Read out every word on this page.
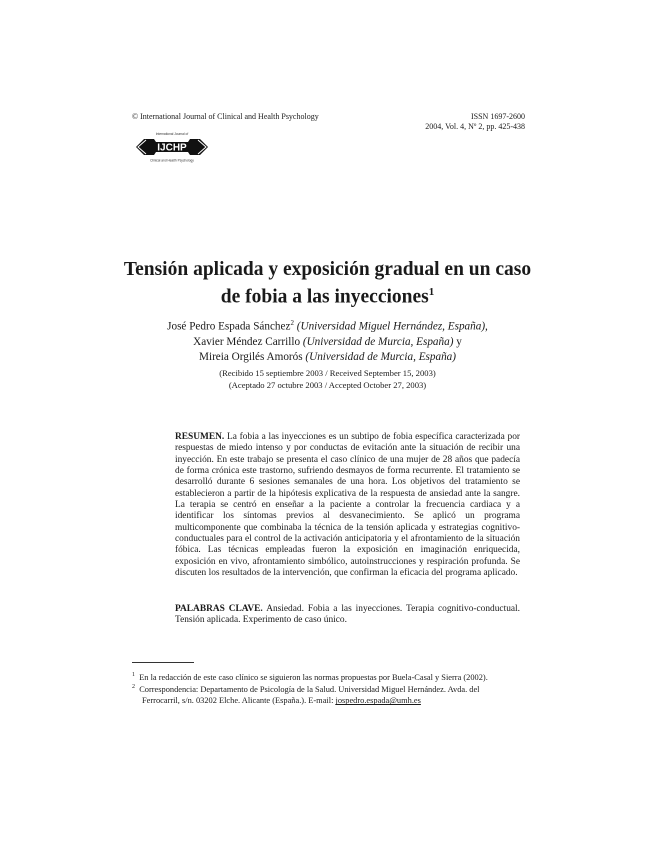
© International Journal of Clinical and Health Psychology	ISSN 1697-2600
2004, Vol. 4, Nº 2, pp. 425-438
IJCHP
International Journal of
Clinical and Health Psychology
Tensión aplicada y exposición gradual en un caso
de fobia a las inyecciones$^1$
José Pedro Espada Sánchez$^2$ (Universidad Miguel Hernández, España),
Xavier Méndez Carrillo (Universidad de Murcia, España) y
Mireia Orgilés Amorós (Universidad de Murcia, España)
(Recibido 15 septiembre 2003 / Received September 15, 2003)
(Aceptado 27 octubre 2003 / Accepted October 27, 2003)
RESUMEN. La fobia a las inyecciones es un subtipo de fobia específica caracterizada por respuestas de miedo intenso y por conductas de evitación ante la situación de recibir una inyección. En este trabajo se presenta el caso clínico de una mujer de 28 años que padecía de forma crónica este trastorno, sufriendo desmayos de forma recurrente. El tratamiento se desarrolló durante 6 sesiones semanales de una hora. Los objetivos del tratamiento se establecieron a partir de la hipótesis explicativa de la respuesta de ansiedad ante la sangre. La terapia se centró en enseñar a la paciente a controlar la frecuencia cardiaca y a identificar los síntomas previos al desvanecimiento. Se aplicó un programa multicomponente que combinaba la técnica de la tensión aplicada y estrategias cognitivo-conductuales para el control de la activación anticipatoria y el afrontamiento de la situación fóbica. Las técnicas empleadas fueron la exposición en imaginación enriquecida, exposición en vivo, afrontamiento simbólico, autoinstrucciones y respiración profunda. Se discuten los resultados de la intervención, que confirman la eficacia del programa aplicado.
PALABRAS CLAVE. Ansiedad. Fobia a las inyecciones. Terapia cognitivo-conductual. Tensión aplicada. Experimento de caso único.
$^1$ En la redacción de este caso clínico se siguieron las normas propuestas por Buela-Casal y Sierra (2002).
$^2$ Correspondencia: Departamento de Psicología de la Salud. Universidad Miguel Hernández. Avda. del
Ferrocarril, s/n. 03202 Elche. Alicante (España.). E-mail: jospedro.espada@umh.es
